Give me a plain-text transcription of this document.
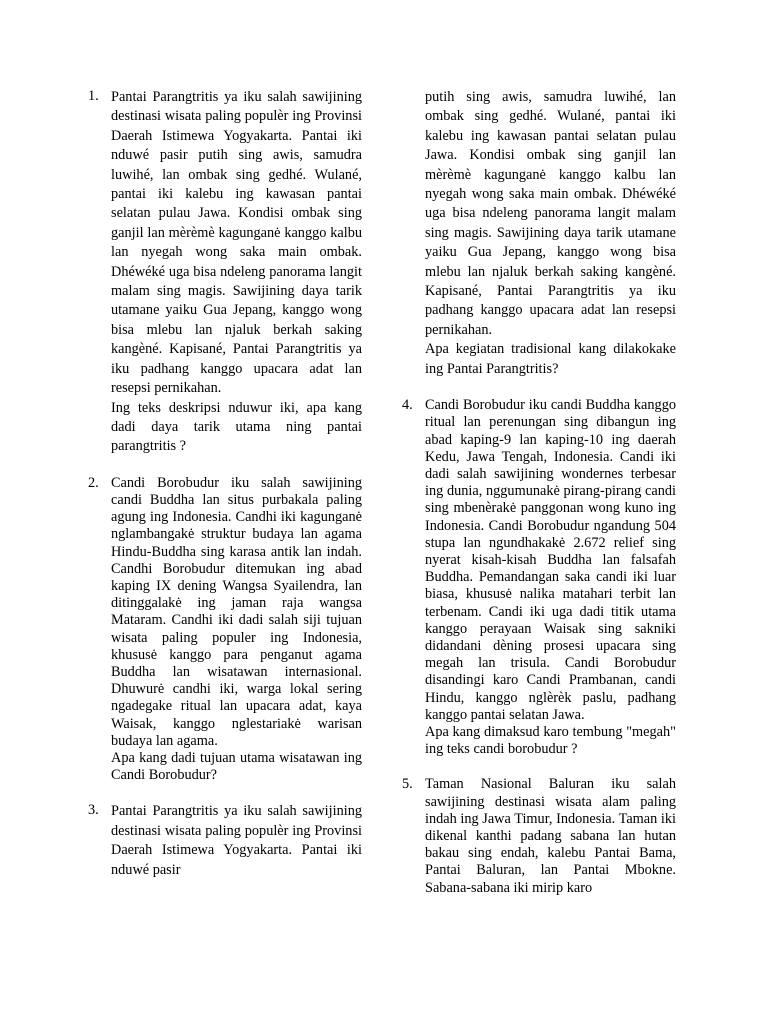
1. Pantai Parangtritis ya iku salah sawijining destinasi wisata paling populèr ing Provinsi Daerah Istimewa Yogyakarta. Pantai iki nduwé pasir putih sing awis, samudra luwihé, lan ombak sing gedhé. Wulané, pantai iki kalebu ing kawasan pantai selatan pulau Jawa. Kondisi ombak sing ganjil lan mèrèmè kagunganė kanggo kalbu lan nyegah wong saka main ombak. Dhéwéké uga bisa ndeleng panorama langit malam sing magis. Sawijining daya tarik utamane yaiku Gua Jepang, kanggo wong bisa mlebu lan njaluk berkah saking kangèné. Kapisané, Pantai Parangtritis ya iku padhang kanggo upacara adat lan resepsi pernikahan.

Ing teks deskripsi nduwur iki, apa kang dadi daya tarik utama ning pantai parangtritis ?

2. Candi Borobudur iku salah sawijining candi Buddha lan situs purbakala paling agung ing Indonesia. Candhi iki kagunganė nglambangakė struktur budaya lan agama Hindu-Buddha sing karasa antik lan indah. Candhi Borobudur ditemukan ing abad kaping IX dening Wangsa Syailendra, lan ditinggalakė ing jaman raja wangsa Mataram. Candhi iki dadi salah siji tujuan wisata paling populer ing Indonesia, khususė kanggo para penganut agama Buddha lan wisatawan internasional. Dhuwurė candhi iki, warga lokal sering ngadegake ritual lan upacara adat, kaya Waisak, kanggo nglestariakė warisan budaya lan agama.

Apa kang dadi tujuan utama wisatawan ing Candi Borobudur?

3. Pantai Parangtritis ya iku salah sawijining destinasi wisata paling populèr ing Provinsi Daerah Istimewa Yogyakarta. Pantai iki nduwé pasir

putih sing awis, samudra luwihé, lan ombak sing gedhé. Wulané, pantai iki kalebu ing kawasan pantai selatan pulau Jawa. Kondisi ombak sing ganjil lan mèrèmè kagunganė kanggo kalbu lan nyegah wong saka main ombak. Dhéwéké uga bisa ndeleng panorama langit malam sing magis. Sawijining daya tarik utamane yaiku Gua Jepang, kanggo wong bisa mlebu lan njaluk berkah saking kangèné. Kapisané, Pantai Parangtritis ya iku padhang kanggo upacara adat lan resepsi pernikahan.

Apa kegiatan tradisional kang dilakokake ing Pantai Parangtritis?

4. Candi Borobudur iku candi Buddha kanggo ritual lan perenungan sing dibangun ing abad kaping-9 lan kaping-10 ing daerah Kedu, Jawa Tengah, Indonesia. Candi iki dadi salah sawijining wondernes terbesar ing dunia, nggumunakė pirang-pirang candi sing mbenèrakė panggonan wong kuno ing Indonesia. Candi Borobudur ngandung 504 stupa lan ngundhakakė 2.672 relief sing nyerat kisah-kisah Buddha lan falsafah Buddha. Pemandangan saka candi iki luar biasa, khususė nalika matahari terbit lan terbenam. Candi iki uga dadi titik utama kanggo perayaan Waisak sing sakniki didandani dèning prosesi upacara sing megah lan trisula. Candi Borobudur disandingi karo Candi Prambanan, candi Hindu, kanggo nglèrèk paslu, padhang kanggo pantai selatan Jawa.

Apa kang dimaksud karo tembung "megah" ing teks candi borobudur ?

5. Taman Nasional Baluran iku salah sawijining destinasi wisata alam paling indah ing Jawa Timur, Indonesia. Taman iki dikenal kanthi padang sabana lan hutan bakau sing endah, kalebu Pantai Bama, Pantai Baluran, lan Pantai Mbokne. Sabana-sabana iki mirip karo
